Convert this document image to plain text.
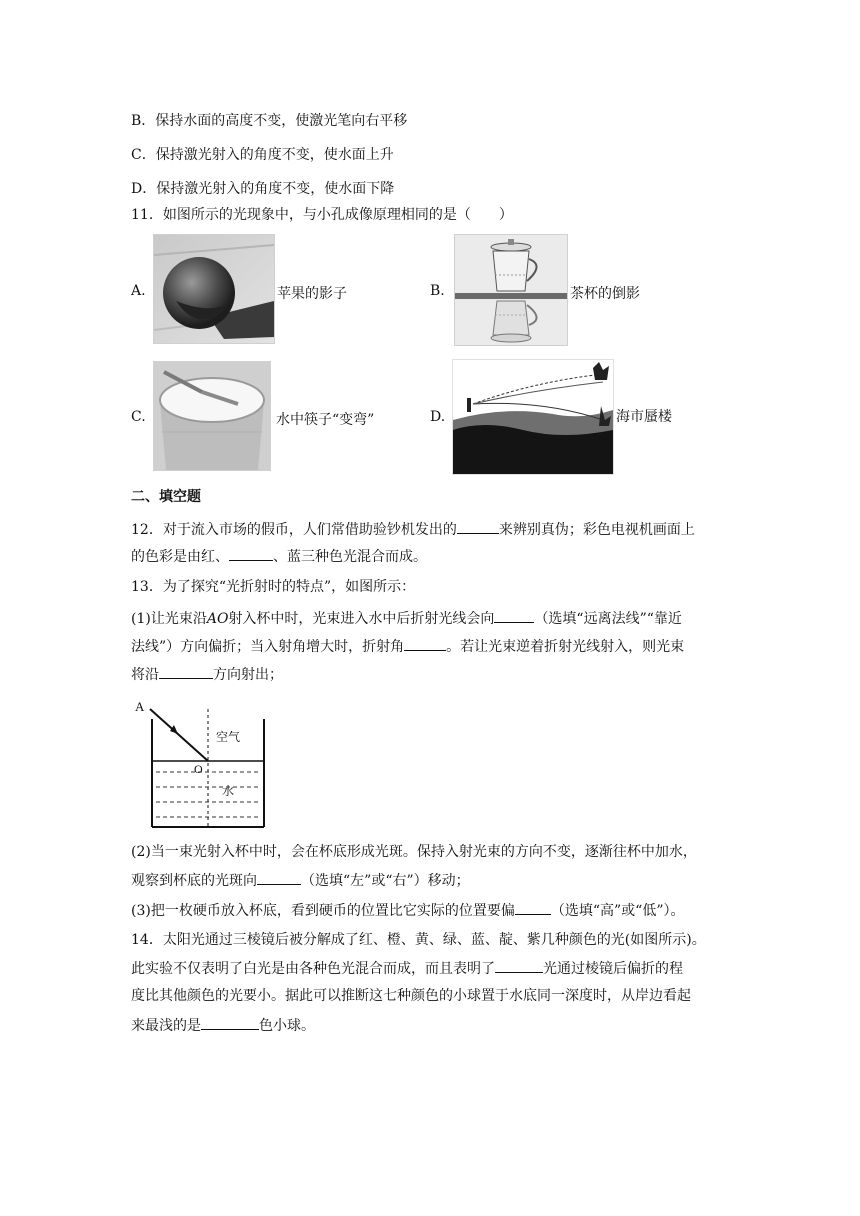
B．保持水面的高度不变，使激光笔向右平移
C．保持激光射入的角度不变，使水面上升
D．保持激光射入的角度不变，使水面下降
11．如图所示的光现象中，与小孔成像原理相同的是（　　）
A.	苹果的影子	B.	茶杯的倒影
C.	水中筷子“变弯”	D.	海市蜃楼
二、填空题
12．对于流入市场的假币，人们常借助验钞机发出的	来辨别真伪；彩色电视机画面上
的色彩是由红、	、蓝三种色光混合而成。
13．为了探究“光折射时的特点”，如图所示：
(1)让光束沿AO射入杯中时，光束进入水中后折射光线会向	（选填“远离法线”“靠近
法线”）方向偏折；当入射角增大时，折射角	。若让光束逆着折射光线射入，则光束
将沿	方向射出；
A
O
空气
水
(2)当一束光射入杯中时，会在杯底形成光斑。保持入射光束的方向不变，逐渐往杯中加水，
观察到杯底的光斑向	（选填“左”或“右”）移动；
(3)把一枚硬币放入杯底，看到硬币的位置比它实际的位置要偏	（选填“高”或“低”）。
14．太阳光通过三棱镜后被分解成了红、橙、黄、绿、蓝、靛、紫几种颜色的光(如图所示)。
此实验不仅表明了白光是由各种色光混合而成，而且表明了	光通过棱镜后偏折的程
度比其他颜色的光要小。据此可以推断这七种颜色的小球置于水底同一深度时，从岸边看起
来最浅的是	色小球。
